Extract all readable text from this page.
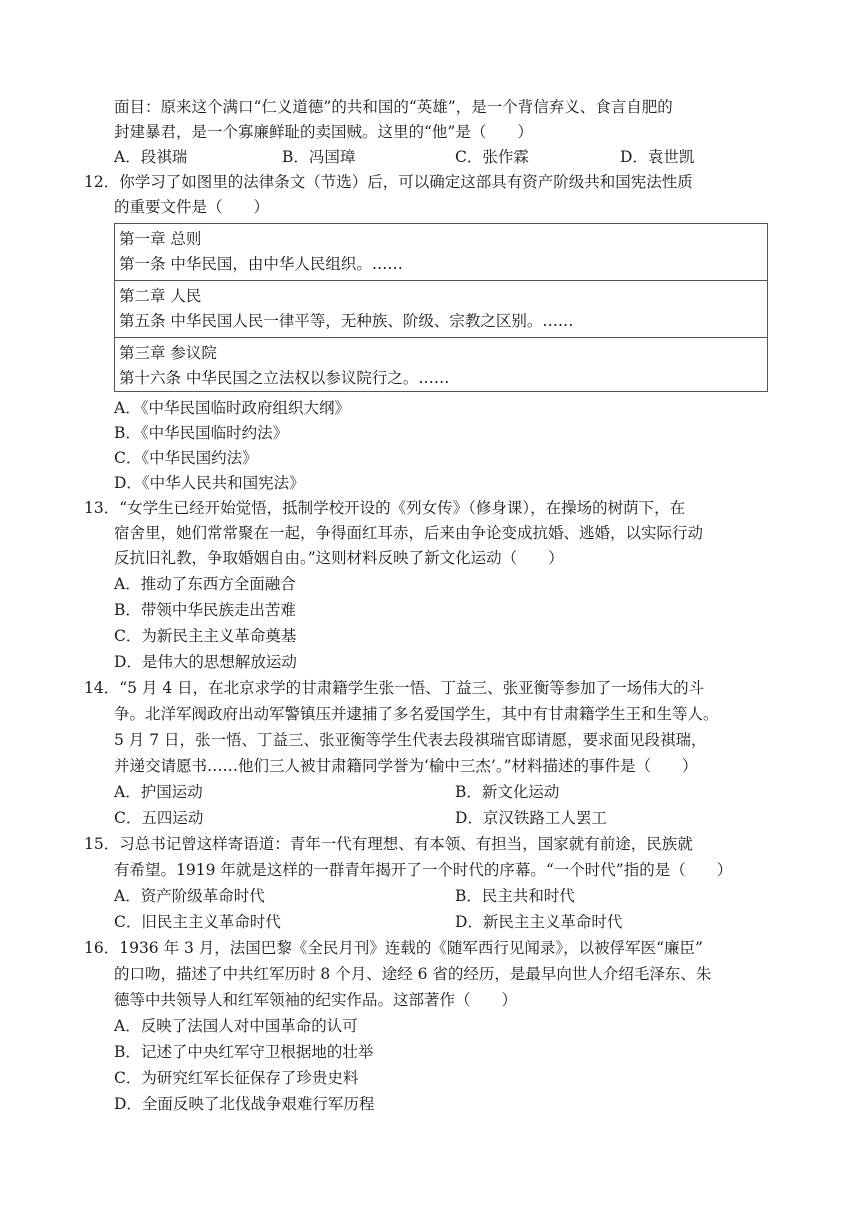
面目：原来这个满口“仁义道德”的共和国的“英雄”，是一个背信弃义、食言自肥的
封建暴君，是一个寡廉鲜耻的卖国贼。这里的“他”是（　　）
A．段祺瑞	B．冯国璋	C．张作霖	D．袁世凯
12．你学习了如图里的法律条文（节选）后，可以确定这部具有资产阶级共和国宪法性质
的重要文件是（　　）
第一章 总则
第一条 中华民国，由中华人民组织。……
第二章 人民
第五条 中华民国人民一律平等，无种族、阶级、宗教之区别。……
第三章 参议院
第十六条 中华民国之立法权以参议院行之。……
A．《中华民国临时政府组织大纲》
B．《中华民国临时约法》
C．《中华民国约法》
D．《中华人民共和国宪法》
13．“女学生已经开始觉悟，抵制学校开设的《列女传》（修身课），在操场的树荫下，在
宿舍里，她们常常聚在一起，争得面红耳赤，后来由争论变成抗婚、逃婚，以实际行动
反抗旧礼教，争取婚姻自由。”这则材料反映了新文化运动（　　）
A．推动了东西方全面融合
B．带领中华民族走出苦难
C．为新民主主义革命奠基
D．是伟大的思想解放运动
14．“5 月 4 日，在北京求学的甘肃籍学生张一悟、丁益三、张亚衡等参加了一场伟大的斗
争。北洋军阀政府出动军警镇压并逮捕了多名爱国学生，其中有甘肃籍学生王和生等人。
5 月 7 日，张一悟、丁益三、张亚衡等学生代表去段祺瑞官邸请愿，要求面见段祺瑞，
并递交请愿书……他们三人被甘肃籍同学誉为‘榆中三杰’。”材料描述的事件是（　　）
A．护国运动	B．新文化运动
C．五四运动	D．京汉铁路工人罢工
15．习总书记曾这样寄语道：青年一代有理想、有本领、有担当，国家就有前途，民族就
有希望。1919 年就是这样的一群青年揭开了一个时代的序幕。“一个时代”指的是（　　）
A．资产阶级革命时代	B．民主共和时代
C．旧民主主义革命时代	D．新民主主义革命时代
16．1936 年 3 月，法国巴黎《全民月刊》连载的《随军西行见闻录》，以被俘军医“廉臣”
的口吻，描述了中共红军历时 8 个月、途经 6 省的经历，是最早向世人介绍毛泽东、朱
德等中共领导人和红军领袖的纪实作品。这部著作（　　）
A．反映了法国人对中国革命的认可
B．记述了中央红军守卫根据地的壮举
C．为研究红军长征保存了珍贵史料
D．全面反映了北伐战争艰难行军历程
